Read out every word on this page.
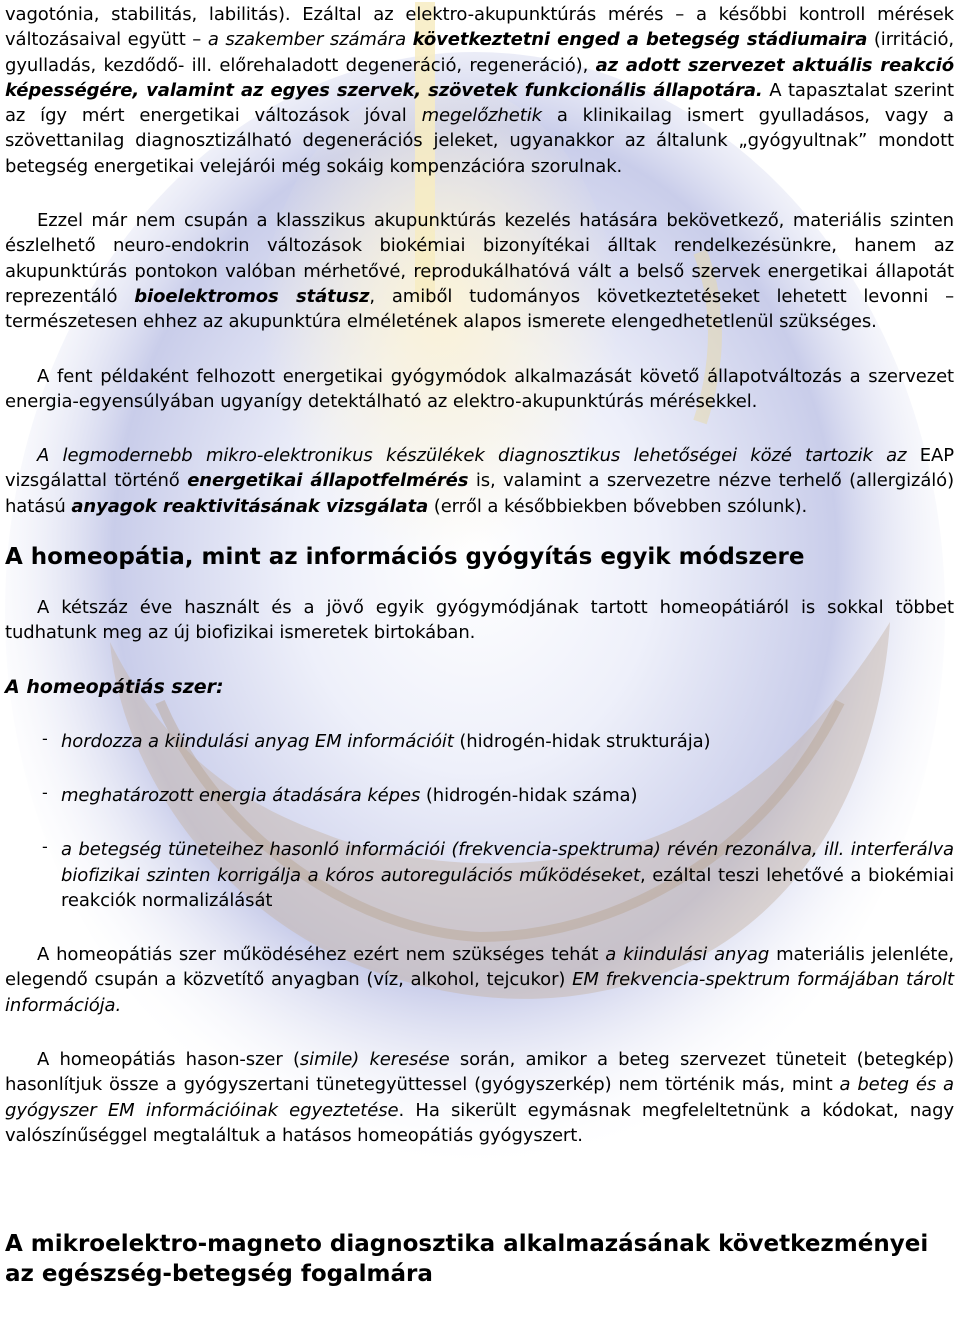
vagotónia, stabilitás, labilitás). Ezáltal az elektro-akupunktúrás mérés – a későbbi kontroll mérések változásaival együtt – a szakember számára következtetni enged a betegség stádiumaira (irritáció, gyulladás, kezdődő- ill. előrehaladott degeneráció, regeneráció), az adott szervezet aktuális reakció képességére, valamint az egyes szervek, szövetek funkcionális állapotára. A tapasztalat szerint az így mért energetikai változások jóval megelőzhetik a klinikailag ismert gyulladásos, vagy a szövettanilag diagnosztizálható degenerációs jeleket, ugyanakkor az általunk „gyógyultnak” mondott betegség energetikai velejárói még sokáig kompenzációra szorulnak.

Ezzel már nem csupán a klasszikus akupunktúrás kezelés hatására bekövetkező, materiális szinten észlelhető neuro-endokrin változások biokémiai bizonyítékai álltak rendelkezésünkre, hanem az akupunktúrás pontokon valóban mérhetővé, reprodukálhatóvá vált a belső szervek energetikai állapotát reprezentáló bioelektromos státusz, amiből tudományos következtetéseket lehetett levonni – természetesen ehhez az akupunktúra elméletének alapos ismerete elengedhetetlenül szükséges.

A fent példaként felhozott energetikai gyógymódok alkalmazását követő állapotváltozás a szervezet energia-egyensúlyában ugyanígy detektálható az elektro-akupunktúrás mérésekkel.

A legmodernebb mikro-elektronikus készülékek diagnosztikus lehetőségei közé tartozik az EAP vizsgálattal történő energetikai állapotfelmérés is, valamint a szervezetre nézve terhelő (allergizáló) hatású anyagok reaktivitásának vizsgálata (erről a későbbiekben bővebben szólunk).

A homeopátia, mint az információs gyógyítás egyik módszere

A kétszáz éve használt és a jövő egyik gyógymódjának tartott homeopátiáról is sokkal többet tudhatunk meg az új biofizikai ismeretek birtokában.

A homeopátiás szer:
- hordozza a kiindulási anyag EM információit (hidrogén-hidak strukturája)

- meghatározott energia átadására képes (hidrogén-hidak száma)

- a betegség tüneteihez hasonló információi (frekvencia-spektruma) révén rezonálva, ill. interferálva biofizikai szinten korrigálja a kóros autoregulációs működéseket, ezáltal teszi lehetővé a biokémiai reakciók normalizálását

A homeopátiás szer működéséhez ezért nem szükséges tehát a kiindulási anyag materiális jelenléte, elegendő csupán a közvetítő anyagban (víz, alkohol, tejcukor) EM frekvencia-spektrum formájában tárolt információja.

A homeopátiás hason-szer (simile) keresése során, amikor a beteg szervezet tüneteit (betegkép) hasonlítjuk össze a gyógyszertani tünetegyüttessel (gyógyszerkép) nem történik más, mint a beteg és a gyógyszer EM információinak egyeztetése. Ha sikerült egymásnak megfeleltetnünk a kódokat, nagy valószínűséggel megtaláltuk a hatásos homeopátiás gyógyszert.

A mikroelektro-magneto diagnosztika alkalmazásának következményei az egészség-betegség fogalmára
